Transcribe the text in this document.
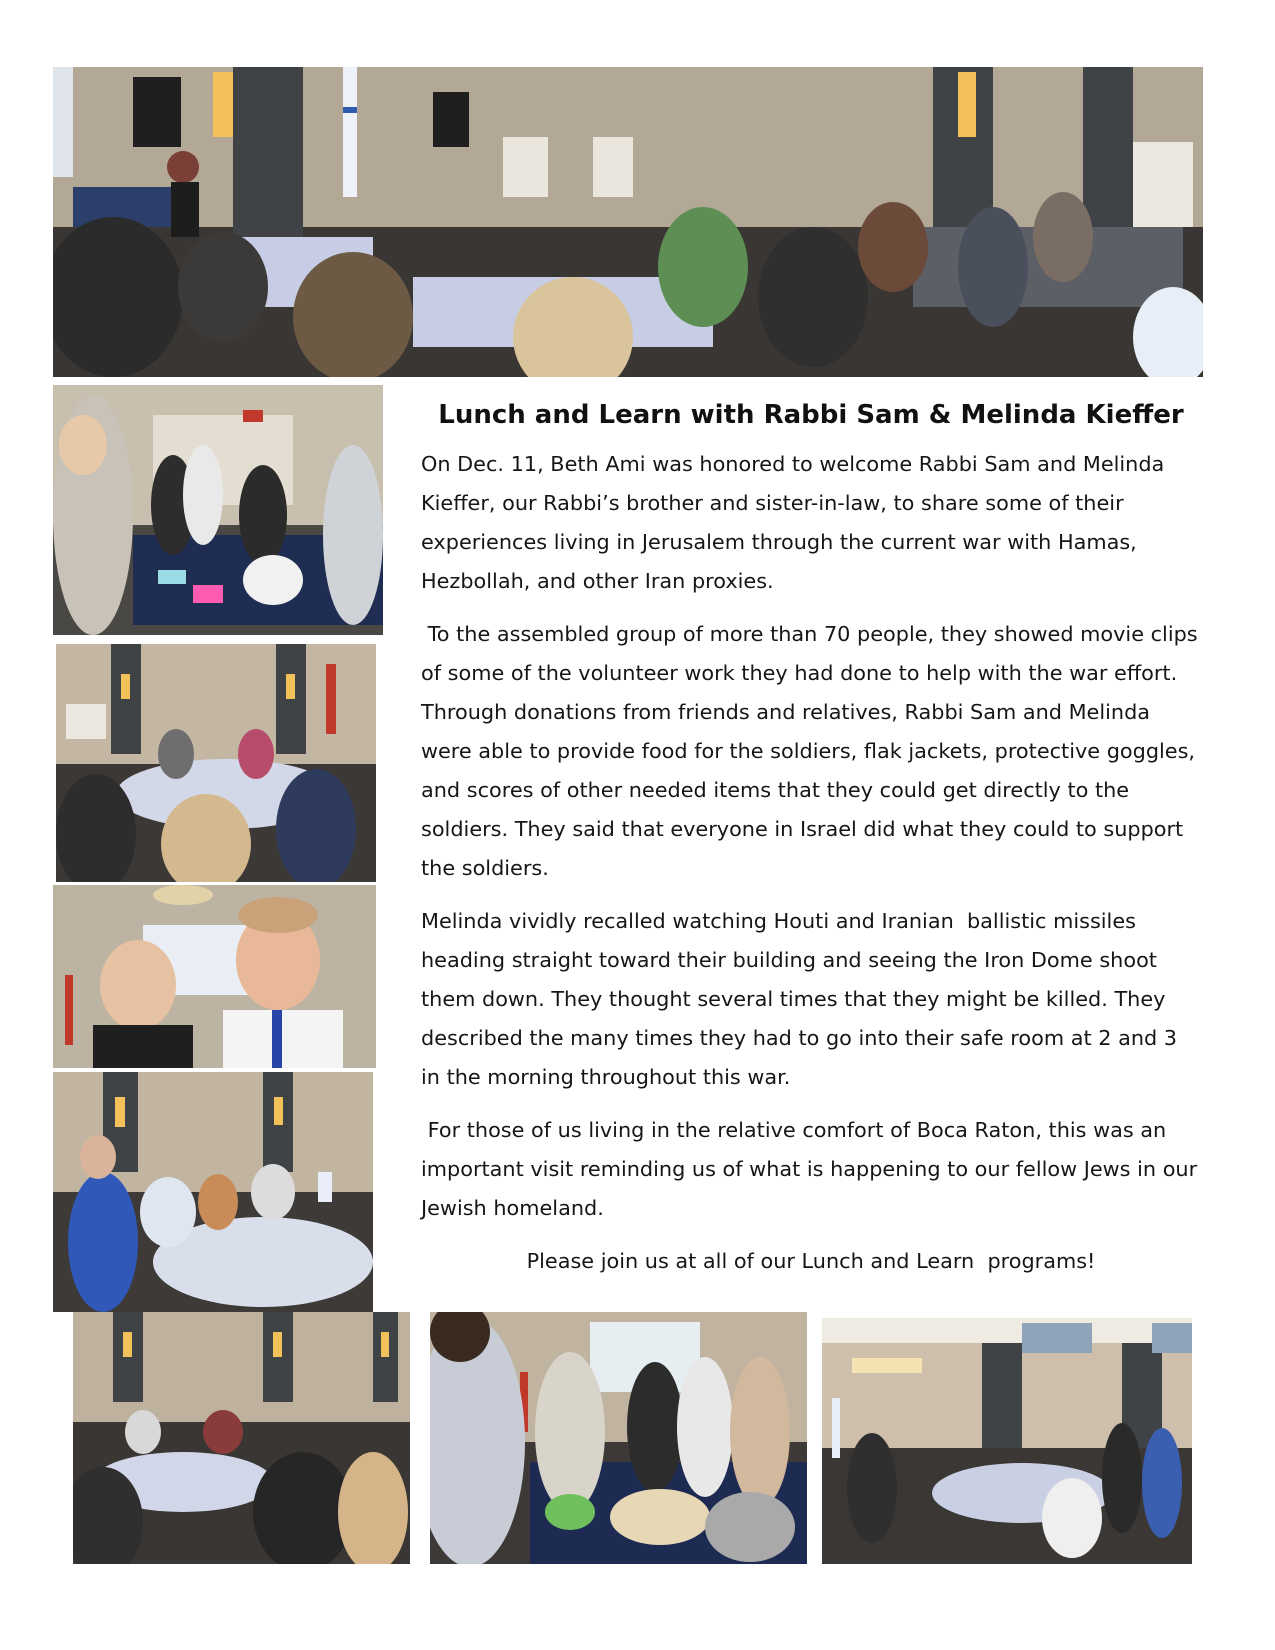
Lunch and Learn with Rabbi Sam & Melinda Kieffer

On Dec. 11, Beth Ami was honored to welcome Rabbi Sam and Melinda Kieffer, our Rabbi’s brother and sister-in-law, to share some of their experiences living in Jerusalem through the current war with Hamas, Hezbollah, and other Iran proxies.

To the assembled group of more than 70 people, they showed movie clips of some of the volunteer work they had done to help with the war effort. Through donations from friends and relatives, Rabbi Sam and Melinda were able to provide food for the soldiers, flak jackets, protective goggles, and scores of other needed items that they could get directly to the soldiers. They said that everyone in Israel did what they could to support the soldiers.

Melinda vividly recalled watching Houti and Iranian  ballistic missiles heading straight toward their building and seeing the Iron Dome shoot them down. They thought several times that they might be killed. They described the many times they had to go into their safe room at 2 and 3 in the morning throughout this war.

For those of us living in the relative comfort of Boca Raton, this was an important visit reminding us of what is happening to our fellow Jews in our Jewish homeland.

Please join us at all of our Lunch and Learn  programs!
